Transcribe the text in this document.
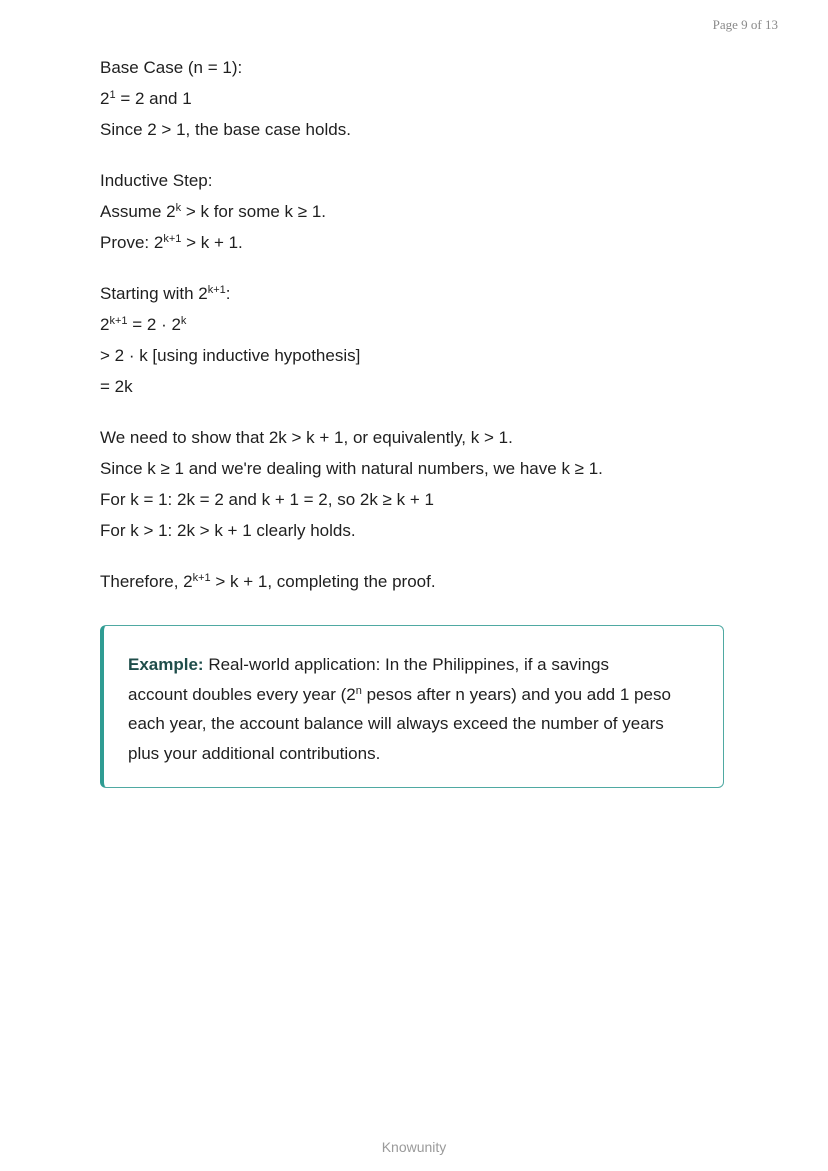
Page 9 of 13
Base Case (n = 1):
$2^1 = 2$ and 1
Since 2 > 1, the base case holds.
Inductive Step:
Assume $2^k > k$ for some k ≥ 1.
Prove: $2^{k+1} > k + 1$.
Starting with $2^{k+1}$:
$2^{k+1} = 2 \cdot 2^k$
> 2 · k [using inductive hypothesis]
= 2k
We need to show that 2k > k + 1, or equivalently, k > 1.
Since k ≥ 1 and we're dealing with natural numbers, we have k ≥ 1.
For k = 1: 2k = 2 and k + 1 = 2, so 2k ≥ k + 1
For k > 1: 2k > k + 1 clearly holds.
Therefore, $2^{k+1} > k + 1$, completing the proof.
Example: Real-world application: In the Philippines, if a savings
account doubles every year (2$^n$ pesos after n years) and you add 1 peso
each year, the account balance will always exceed the number of years
plus your additional contributions.
Knowunity
